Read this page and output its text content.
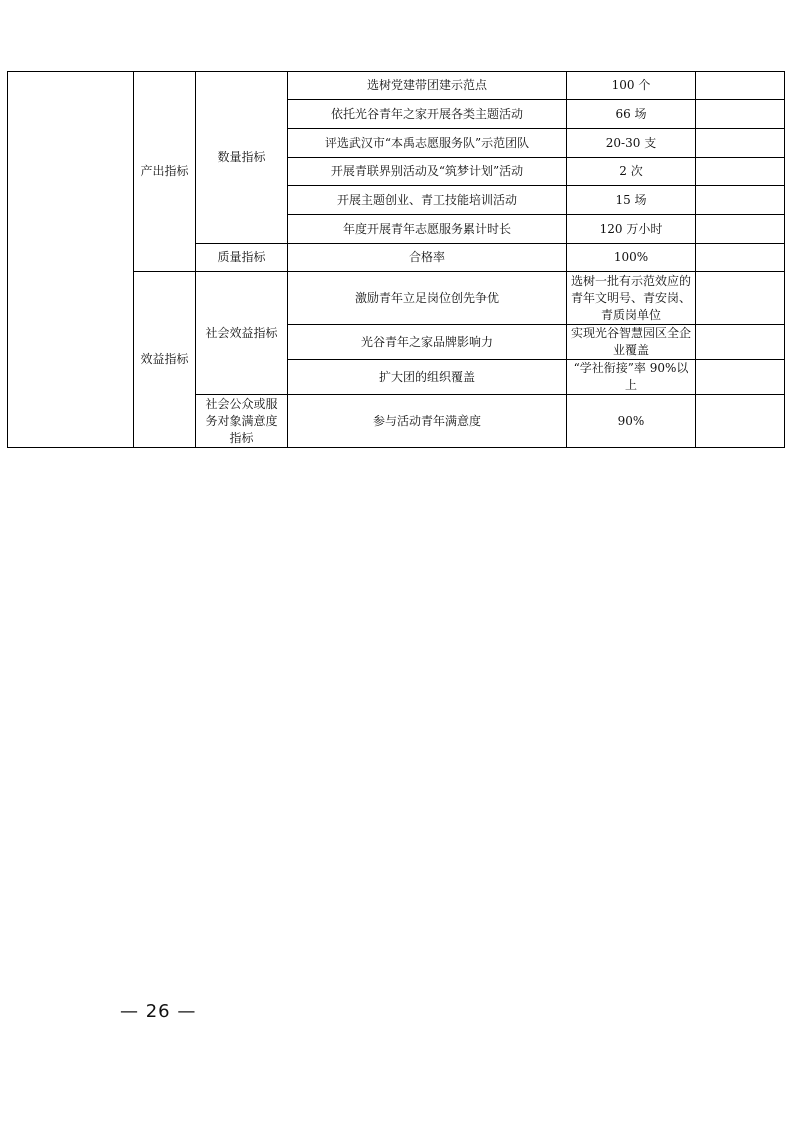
	产出指标	数量指标	选树党建带团建示范点	100 个	
			依托光谷青年之家开展各类主题活动	66 场	
			评选武汉市“本禹志愿服务队”示范团队	20-30 支	
			开展青联界别活动及“筑梦计划”活动	2 次	
			开展主题创业、青工技能培训活动	15 场	
			年度开展青年志愿服务累计时长	120 万小时	
		质量指标	合格率	100%	
	效益指标	社会效益指标	激励青年立足岗位创先争优	选树一批有示范效应的青年文明号、青安岗、青质岗单位	
			光谷青年之家品牌影响力	实现光谷智慧园区全企业覆盖	
			扩大团的组织覆盖	“学社衔接”率 90%以上	
		社会公众或服务对象满意度指标	参与活动青年满意度	90%	
— 26 —
